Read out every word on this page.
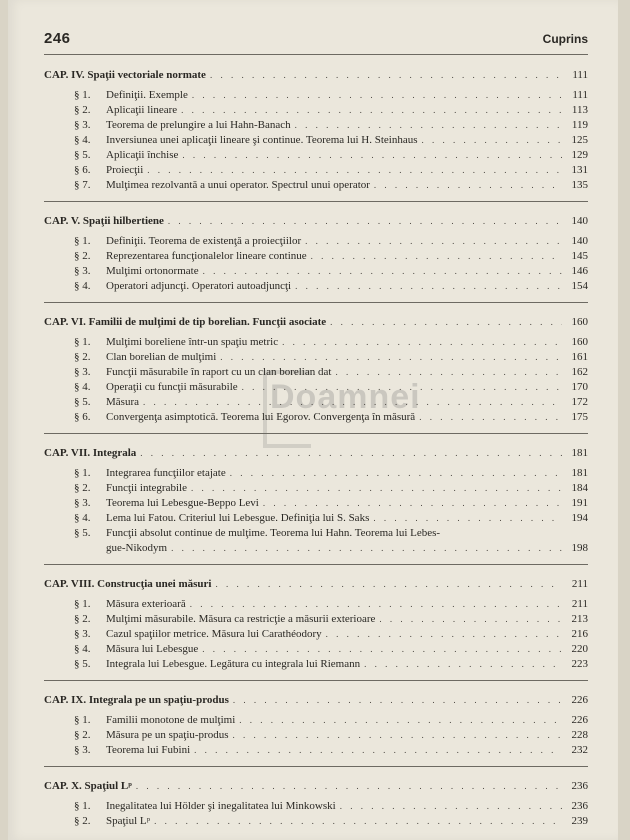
246	Cuprins
Doamnei
CAP. IV. Spaţii vectoriale normate . . .	111
§ 1.	Definiţii. Exemple . . .	111
§ 2.	Aplicaţii lineare . . .	113
§ 3.	Teorema de prelungire a lui Hahn-Banach . . .	119
§ 4.	Inversiunea unei aplicaţii lineare şi continue. Teorema lui H. Steinhaus . . .	125
§ 5.	Aplicaţii închise . . .	129
§ 6.	Proiecţii . . .	131
§ 7.	Mulţimea rezolvantă a unui operator. Spectrul unui operator . . .	135
CAP. V. Spaţii hilbertiene . . .	140
§ 1.	Definiţii. Teorema de existenţă a proiecţiilor . . .	140
§ 2.	Reprezentarea funcţionalelor lineare continue . . .	145
§ 3.	Mulţimi ortonormate . . .	146
§ 4.	Operatori adjuncţi. Operatori autoadjuncţi . . .	154
CAP. VI. Familii de mulţimi de tip borelian. Funcţii asociate . . .	160
§ 1.	Mulţimi boreliene într-un spaţiu metric . . .	160
§ 2.	Clan borelian de mulţimi . . .	161
§ 3.	Funcţii măsurabile în raport cu un clan borelian dat . . .	162
§ 4.	Operaţii cu funcţii măsurabile . . .	170
§ 5.	Măsura . . .	172
§ 6.	Convergenţa asimptotică. Teorema lui Egorov. Convergenţa în măsură . . .	175
CAP. VII. Integrala . . .	181
§ 1.	Integrarea funcţiilor etajate . . .	181
§ 2.	Funcţii integrabile . . .	184
§ 3.	Teorema lui Lebesgue-Beppo Levi . . .	191
§ 4.	Lema lui Fatou. Criteriul lui Lebesgue. Definiţia lui S. Saks . . .	194
§ 5.	Funcţii absolut continue de mulţime. Teorema lui Hahn. Teorema lui Lebes-
gue-Nikodym . . .	198
CAP. VIII. Construcţia unei măsuri . . .	211
§ 1.	Măsura exterioară . . .	211
§ 2.	Mulţimi măsurabile. Măsura ca restricţie a măsurii exterioare . . .	213
§ 3.	Cazul spaţiilor metrice. Măsura lui Carathéodory . . .	216
§ 4.	Măsura lui Lebesgue . . .	220
§ 5.	Integrala lui Lebesgue. Legătura cu integrala lui Riemann . . .	223
CAP. IX. Integrala pe un spaţiu-produs . . .	226
§ 1.	Familii monotone de mulţimi . . .	226
§ 2.	Măsura pe un spaţiu-produs . . .	228
§ 3.	Teorema lui Fubini . . .	232
CAP. X. Spaţiul Lᵖ . . .	236
§ 1.	Inegalitatea lui Hölder şi inegalitatea lui Minkowski . . .	236
§ 2.	Spaţiul Lᵖ . . .	239
